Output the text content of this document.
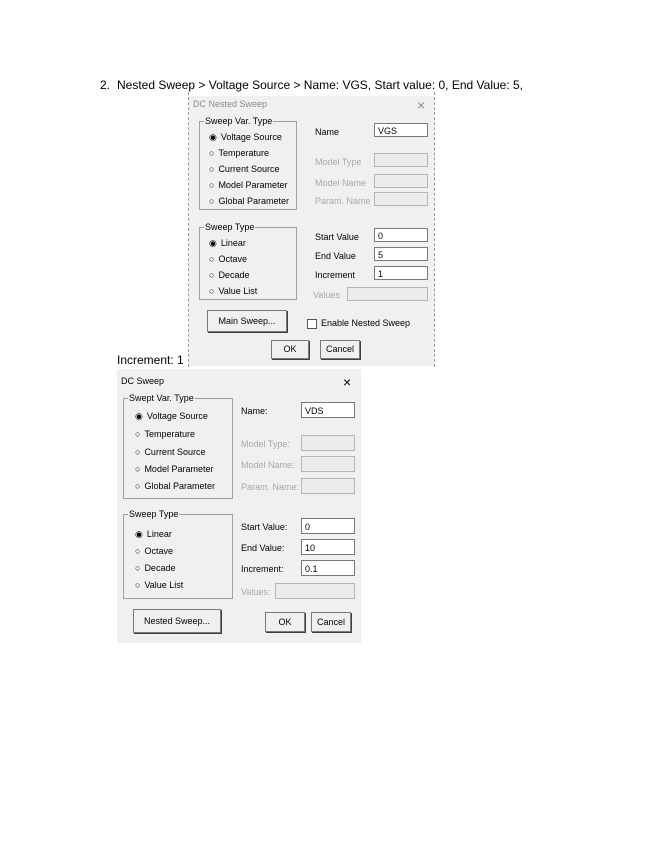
2. Nested Sweep > Voltage Source > Name: VGS, Start value: 0, End Value: 5,
Increment: 1
DC Nested Sweep	×
Sweep Var. Type
◉ Voltage Source
○ Temperature
○ Current Source
○ Model Parameter
○ Global Parameter
Name	VGS
Model Type
Model Name
Param. Name
Sweep Type
◉ Linear
○ Octave
○ Decade
○ Value List
Start Value	0
End Value	5
Increment	1
Values
Main Sweep...	Enable Nested Sweep
OK	Cancel
DC Sweep	×
Swept Var. Type
◉ Voltage Source
○ Temperature
○ Current Source
○ Model Parameter
○ Global Parameter
Name:	VDS
Model Type:
Model Name:
Param. Name:
Sweep Type
◉ Linear
○ Octave
○ Decade
○ Value List
Start Value:	0
End Value:	10
Increment:	0.1
Values:
Nested Sweep...	OK	Cancel
